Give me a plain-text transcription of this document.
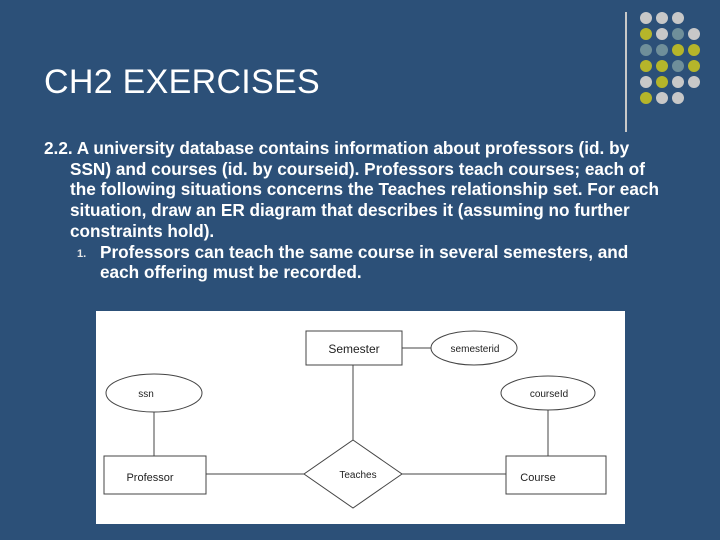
CH2 EXERCISES

2.2. A university database contains information about professors (id. by SSN) and courses (id. by courseid). Professors teach courses; each of the following situations concerns the Teaches relationship set. For each situation, draw an ER diagram that describes it (assuming no further constraints hold).

1. Professors can teach the same course in several semesters, and each offering must be recorded.

Semester
Professor	Course
Teaches
semesterid
ssn	courseId
